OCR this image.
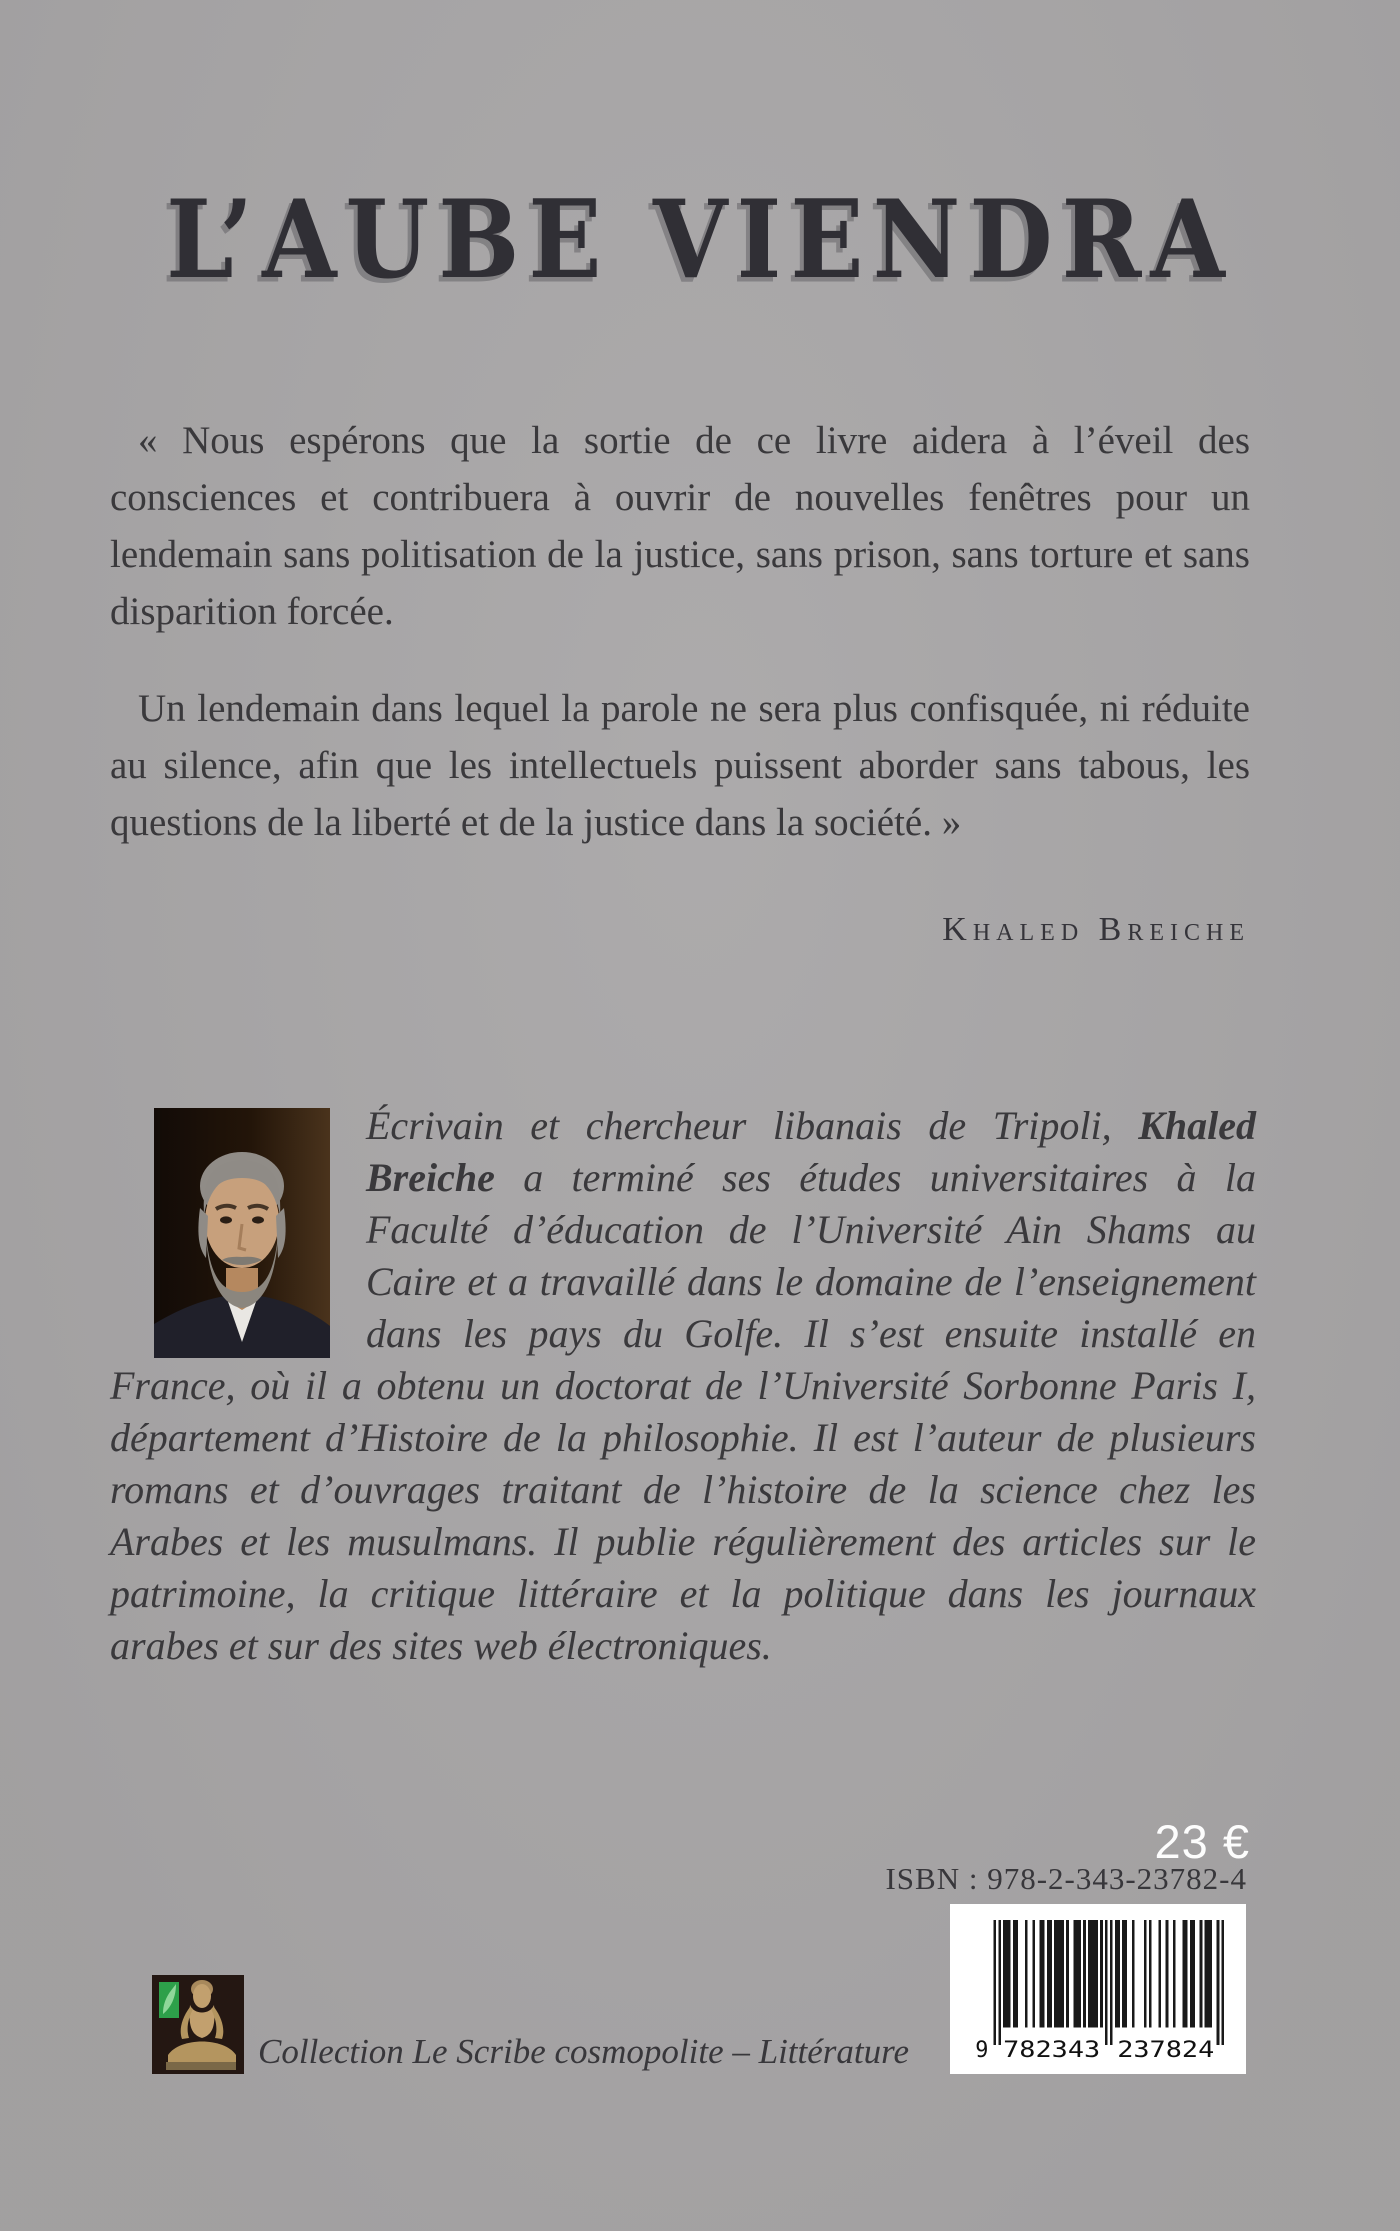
L’AUBE VIENDRA

« Nous espérons que la sortie de ce livre aidera à l’éveil des consciences et contribuera à ouvrir de nouvelles fenêtres pour un lendemain sans politisation de la justice, sans prison, sans torture et sans disparition forcée.

Un lendemain dans lequel la parole ne sera plus confisquée, ni réduite au silence, afin que les intellectuels puissent aborder sans tabous, les questions de la liberté et de la justice dans la société. »

Khaled Breiche
Écrivain et chercheur libanais de Tripoli, Khaled Breiche a terminé ses études universitaires à la Faculté d’éducation de l’Université Ain Shams au Caire et a travaillé dans le domaine de l’enseignement dans les pays du Golfe. Il s’est ensuite installé en France, où il a obtenu un doctorat de l’Université Sorbonne Paris I, département d’Histoire de la philosophie. Il est l’auteur de plusieurs romans et d’ouvrages traitant de l’histoire de la science chez les Arabes et les musulmans. Il publie régulièrement des articles sur le patrimoine, la critique littéraire et la politique dans les journaux arabes et sur des sites web électroniques.
23 €
ISBN : 978-2-343-23782-4
9 782343 237824
Collection Le Scribe cosmopolite – Littérature
